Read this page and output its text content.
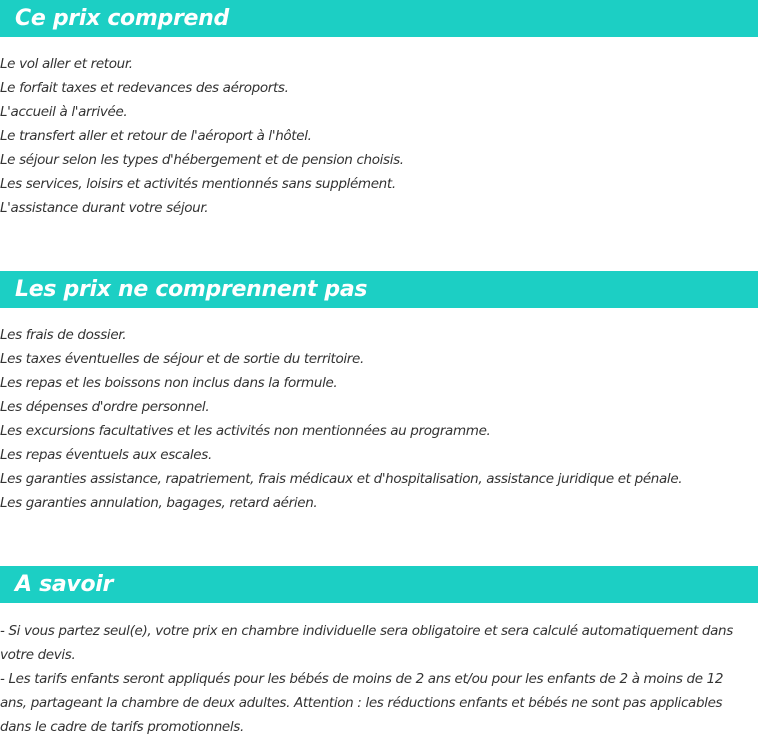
Ce prix comprend
Le vol aller et retour.
Le forfait taxes et redevances des aéroports.
L'accueil à l'arrivée.
Le transfert aller et retour de l'aéroport à l'hôtel.
Le séjour selon les types d'hébergement et de pension choisis.
Les services, loisirs et activités mentionnés sans supplément.
L'assistance durant votre séjour.
Les prix ne comprennent pas
Les frais de dossier.
Les taxes éventuelles de séjour et de sortie du territoire.
Les repas et les boissons non inclus dans la formule.
Les dépenses d'ordre personnel.
Les excursions facultatives et les activités non mentionnées au programme.
Les repas éventuels aux escales.
Les garanties assistance, rapatriement, frais médicaux et d'hospitalisation, assistance juridique et pénale.
Les garanties annulation, bagages, retard aérien.
A savoir

- Si vous partez seul(e), votre prix en chambre individuelle sera obligatoire et sera calculé automatiquement dans votre devis.

- Les tarifs enfants seront appliqués pour les bébés de moins de 2 ans et/ou pour les enfants de 2 à moins de 12 ans, partageant la chambre de deux adultes. Attention : les réductions enfants et bébés ne sont pas applicables dans le cadre de tarifs promotionnels.
